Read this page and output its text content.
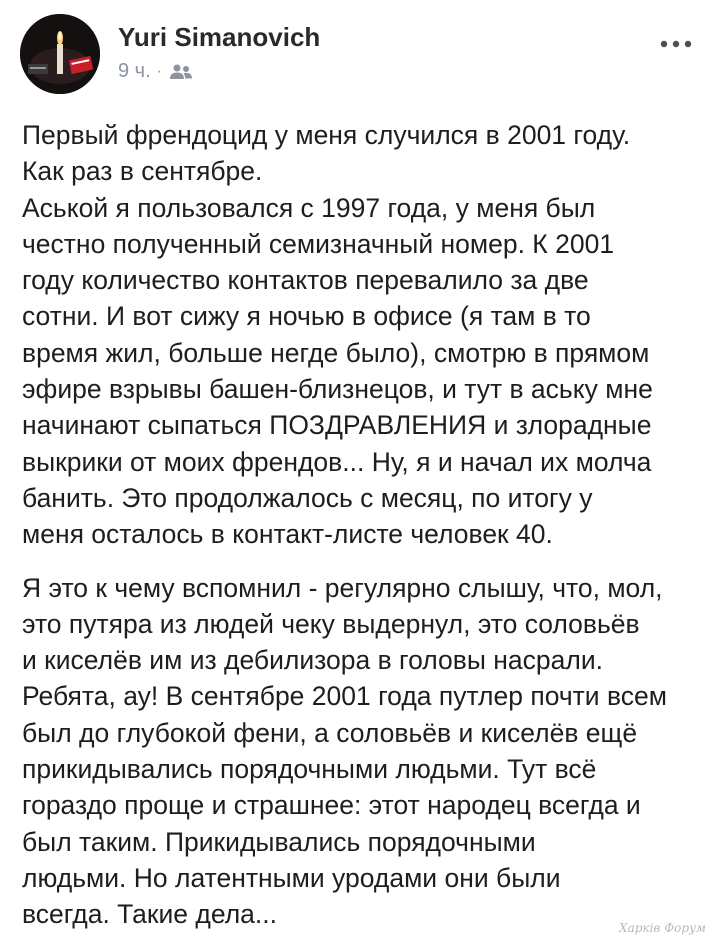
Yuri Simanovich
9 ч. ·

Первый френдоцид у меня случился в 2001 году.
Как раз в сентябре.
Аськой я пользовался с 1997 года, у меня был
честно полученный семизначный номер. К 2001
году количество контактов перевалило за две
сотни. И вот сижу я ночью в офисе (я там в то
время жил, больше негде было), смотрю в прямом
эфире взрывы башен-близнецов, и тут в аську мне
начинают сыпаться ПОЗДРАВЛЕНИЯ и злорадные
выкрики от моих френдов... Ну, я и начал их молча
банить. Это продолжалось с месяц, по итогу у
меня осталось в контакт-листе человек 40.

Я это к чему вспомнил - регулярно слышу, что, мол,
это путяра из людей чеку выдернул, это соловьёв
и киселёв им из дебилизора в головы насрали.
Ребята, ау! В сентябре 2001 года путлер почти всем
был до глубокой фени, а соловьёв и киселёв ещё
прикидывались порядочными людьми. Тут всё
гораздо проще и страшнее: этот народец всегда и
был таким. Прикидывались порядочными
людьми. Но латентными уродами они были
всегда. Такие дела...	Харків Форум
